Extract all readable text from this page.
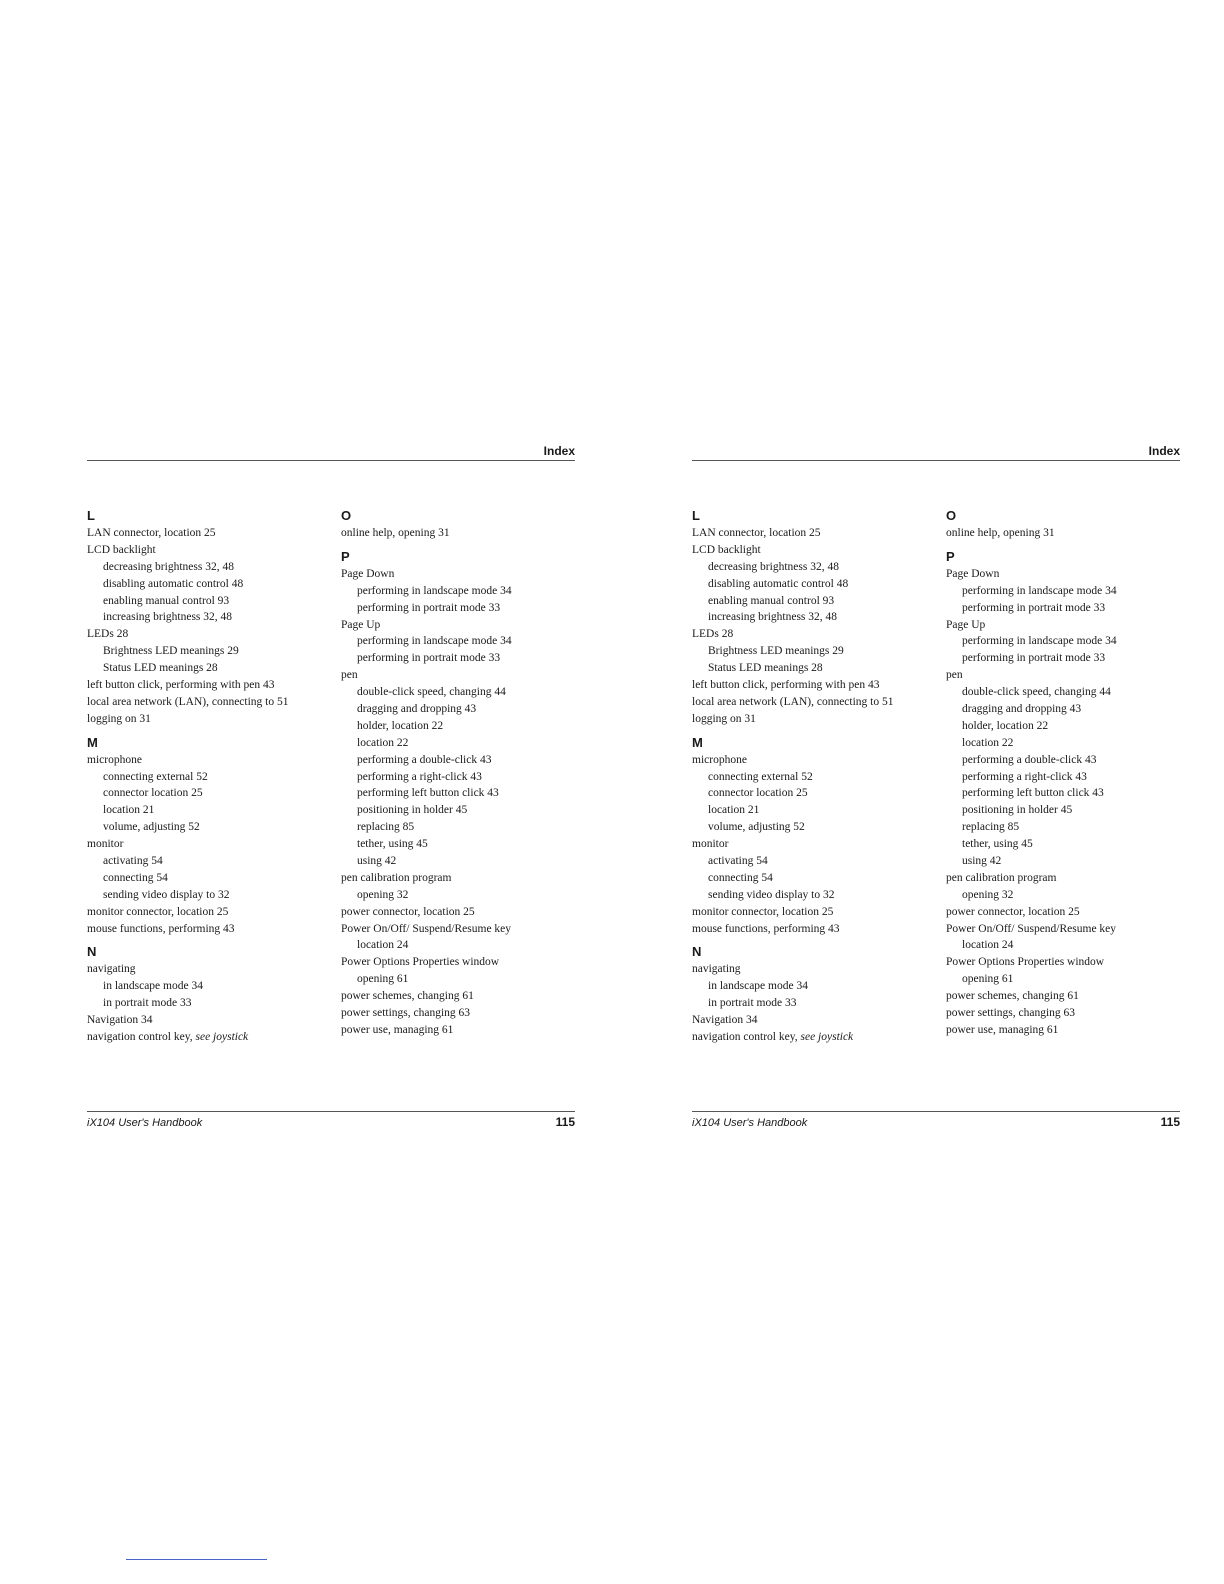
Index
L
LAN connector, location 25
LCD backlight
decreasing brightness 32, 48
disabling automatic control 48
enabling manual control 93
increasing brightness 32, 48
LEDs 28
Brightness LED meanings 29
Status LED meanings 28
left button click, performing with pen 43
local area network (LAN), connecting to 51
logging on 31
M
microphone
connecting external 52
connector location 25
location 21
volume, adjusting 52
monitor
activating 54
connecting 54
sending video display to 32
monitor connector, location 25
mouse functions, performing 43
N
navigating
in landscape mode 34
in portrait mode 33
Navigation 34
navigation control key, see joystick
O
online help, opening 31
P
Page Down
performing in landscape mode 34
performing in portrait mode 33
Page Up
performing in landscape mode 34
performing in portrait mode 33
pen
double-click speed, changing 44
dragging and dropping 43
holder, location 22
location 22
performing a double-click 43
performing a right-click 43
performing left button click 43
positioning in holder 45
replacing 85
tether, using 45
using 42
pen calibration program
opening 32
power connector, location 25
Power On/Off/ Suspend/Resume key
location 24
Power Options Properties window
opening 61
power schemes, changing 61
power settings, changing 63
power use, managing 61
iX104 User's Handbook	115
Index
L
LAN connector, location 25
LCD backlight
decreasing brightness 32, 48
disabling automatic control 48
enabling manual control 93
increasing brightness 32, 48
LEDs 28
Brightness LED meanings 29
Status LED meanings 28
left button click, performing with pen 43
local area network (LAN), connecting to 51
logging on 31
M
microphone
connecting external 52
connector location 25
location 21
volume, adjusting 52
monitor
activating 54
connecting 54
sending video display to 32
monitor connector, location 25
mouse functions, performing 43
N
navigating
in landscape mode 34
in portrait mode 33
Navigation 34
navigation control key, see joystick
O
online help, opening 31
P
Page Down
performing in landscape mode 34
performing in portrait mode 33
Page Up
performing in landscape mode 34
performing in portrait mode 33
pen
double-click speed, changing 44
dragging and dropping 43
holder, location 22
location 22
performing a double-click 43
performing a right-click 43
performing left button click 43
positioning in holder 45
replacing 85
tether, using 45
using 42
pen calibration program
opening 32
power connector, location 25
Power On/Off/ Suspend/Resume key
location 24
Power Options Properties window
opening 61
power schemes, changing 61
power settings, changing 63
power use, managing 61
iX104 User's Handbook	115
